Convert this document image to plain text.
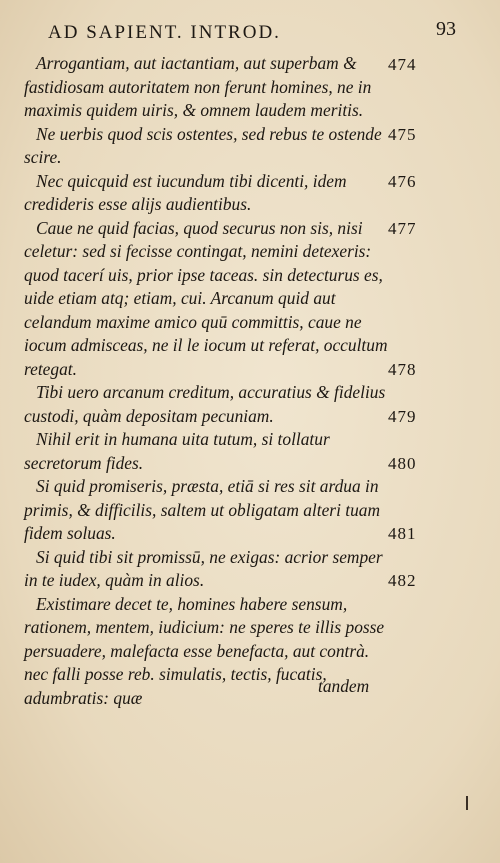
AD SAPIENT. INTROD.	93

Arrogantiam, aut iactantiam, aut superbam & fastidiosam autoritatem non ferunt homines, ne in maximis quidem uiris, & omnem laudem meritis.

Ne uerbis quod scis ostentes, sed rebus te ostende scire.

Nec quicquid est iucundum tibi dicenti, idem credideris esse alijs audientibus.

Caue ne quid facias, quod securus non sis, nisi celetur: sed si fecisse contingat, nemini detexeris: quod tacerí uis, prior ipse taceas. sin detecturus es, uide etiam atq; etiam, cui. Arcanum quid aut celandum maxime amico quū committis, caue ne iocum admisceas, ne il le iocum ut referat, occultum retegat.

Tibi uero arcanum creditum, accuratius & fidelius custodi, quàm depositam pecuniam.

Nihil erit in humana uita tutum, si tollatur secretorum fides.

Si quid promiseris, præsta, etiā si res sit ardua in primis, & difficilis, saltem ut obligatam alteri tuam fidem soluas.

Si quid tibi sit promissū, ne exigas: acrior semper in te iudex, quàm in alios.

Existimare decet te, homines habere sensum, rationem, mentem, iudicium: ne speres te illis posse persuadere, malefacta esse benefacta, aut contrà. nec falli posse reb. simulatis, tectis, fucatis, adumbratis: quæ

474
475
476
477
478
479
480
481
482
tandem
